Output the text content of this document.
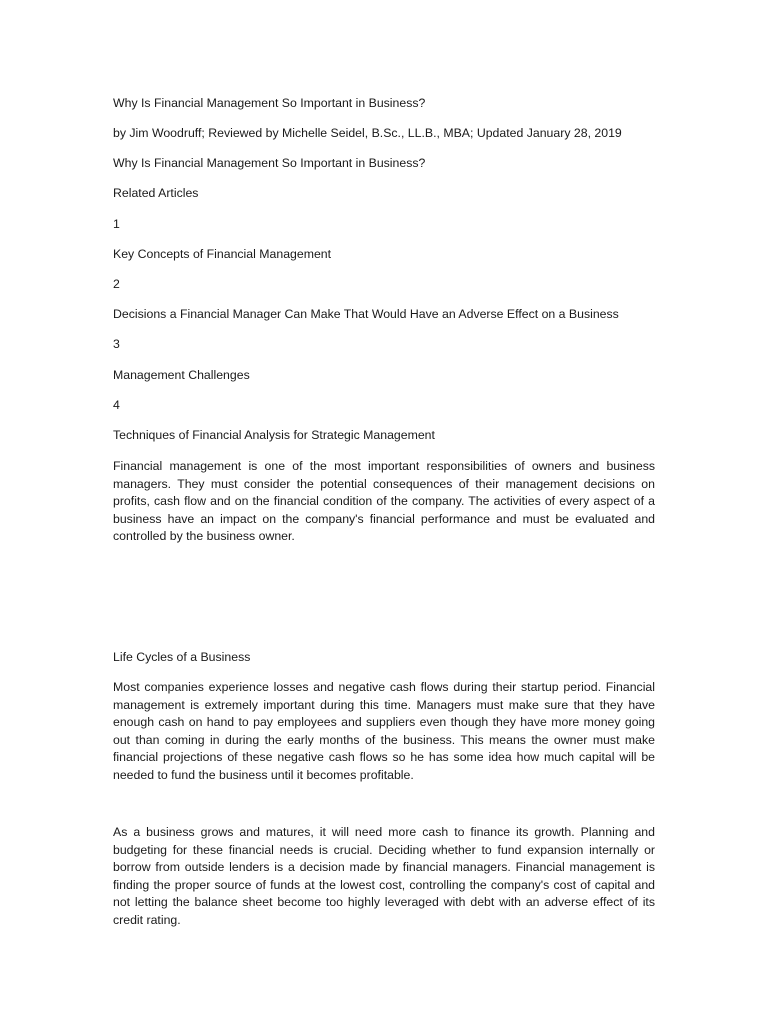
Why Is Financial Management So Important in Business?

by Jim Woodruff; Reviewed by Michelle Seidel, B.Sc., LL.B., MBA; Updated January 28, 2019

Why Is Financial Management So Important in Business?

Related Articles

1

Key Concepts of Financial Management

2

Decisions a Financial Manager Can Make That Would Have an Adverse Effect on a Business

3

Management Challenges

4

Techniques of Financial Analysis for Strategic Management

Financial management is one of the most important responsibilities of owners and business managers. They must consider the potential consequences of their management decisions on profits, cash flow and on the financial condition of the company. The activities of every aspect of a business have an impact on the company's financial performance and must be evaluated and controlled by the business owner.

Life Cycles of a Business

Most companies experience losses and negative cash flows during their startup period. Financial management is extremely important during this time. Managers must make sure that they have enough cash on hand to pay employees and suppliers even though they have more money going out than coming in during the early months of the business. This means the owner must make financial projections of these negative cash flows so he has some idea how much capital will be needed to fund the business until it becomes profitable.

As a business grows and matures, it will need more cash to finance its growth. Planning and budgeting for these financial needs is crucial. Deciding whether to fund expansion internally or borrow from outside lenders is a decision made by financial managers. Financial management is finding the proper source of funds at the lowest cost, controlling the company's cost of capital and not letting the balance sheet become too highly leveraged with debt with an adverse effect of its credit rating.
